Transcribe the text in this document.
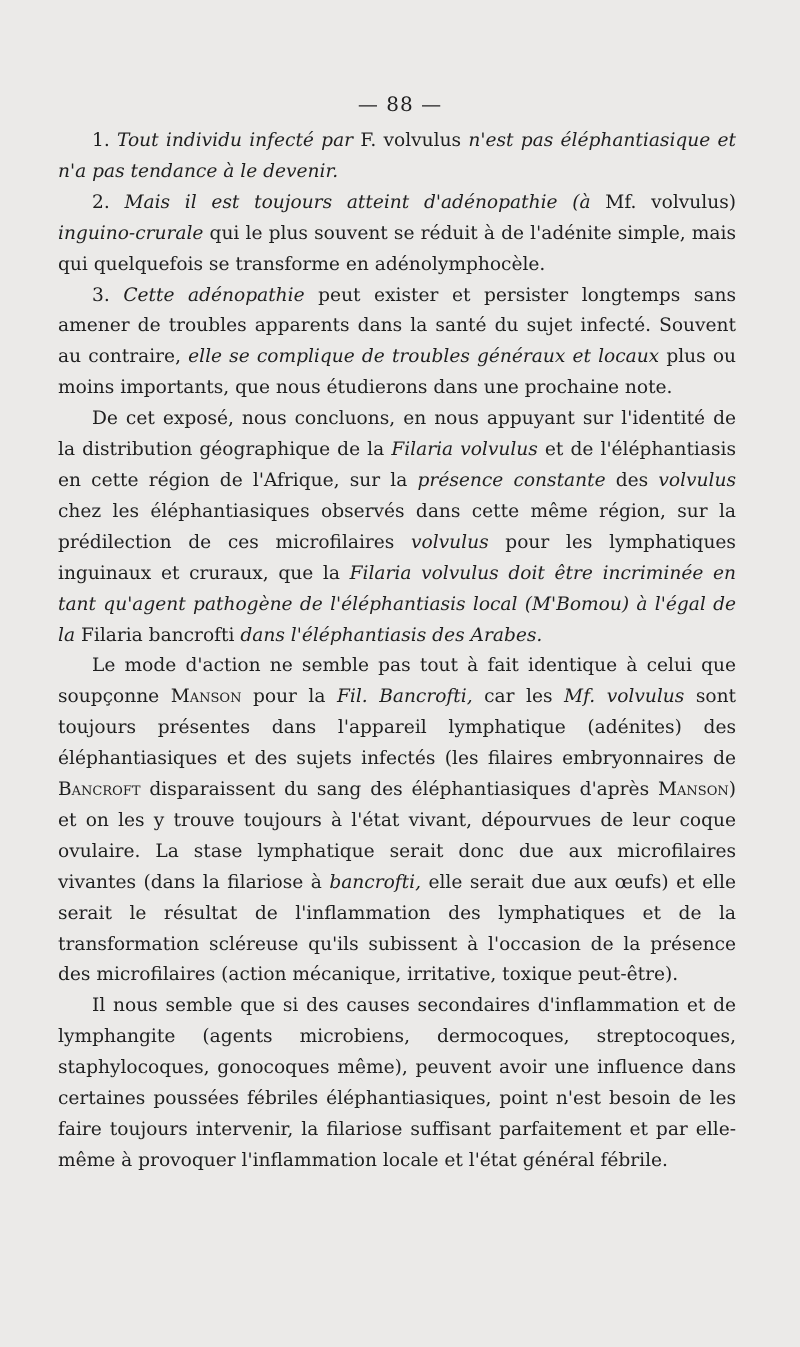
— 88 —

1. Tout individu infecté par F. volvulus n'est pas éléphantiasique et n'a pas tendance à le devenir.

2. Mais il est toujours atteint d'adénopathie (à Mf. volvulus) inguino-crurale qui le plus souvent se réduit à de l'adénite simple, mais qui quelquefois se transforme en adénolymphocèle.

3. Cette adénopathie peut exister et persister longtemps sans amener de troubles apparents dans la santé du sujet infecté. Souvent au contraire, elle se complique de troubles généraux et locaux plus ou moins importants, que nous étudierons dans une prochaine note.

De cet exposé, nous concluons, en nous appuyant sur l'identité de la distribution géographique de la Filaria volvulus et de l'éléphantiasis en cette région de l'Afrique, sur la présence constante des volvulus chez les éléphantiasiques observés dans cette même région, sur la prédilection de ces microfilaires volvulus pour les lymphatiques inguinaux et cruraux, que la Filaria volvulus doit être incriminée en tant qu'agent pathogène de l'éléphantiasis local (M'Bomou) à l'égal de la Filaria bancrofti dans l'éléphantiasis des Arabes.

Le mode d'action ne semble pas tout à fait identique à celui que soupçonne Manson pour la Fil. Bancrofti, car les Mf. volvulus sont toujours présentes dans l'appareil lymphatique (adénites) des éléphantiasiques et des sujets infectés (les filaires embryonnaires de Bancroft disparaissent du sang des éléphantiasiques d'après Manson) et on les y trouve toujours à l'état vivant, dépourvues de leur coque ovulaire. La stase lymphatique serait donc due aux microfilaires vivantes (dans la filariose à bancrofti, elle serait due aux œufs) et elle serait le résultat de l'inflammation des lymphatiques et de la transformation scléreuse qu'ils subissent à l'occasion de la présence des microfilaires (action mécanique, irritative, toxique peut-être).

Il nous semble que si des causes secondaires d'inflammation et de lymphangite (agents microbiens, dermocoques, streptocoques, staphylocoques, gonocoques même), peuvent avoir une influence dans certaines poussées fébriles éléphantiasiques, point n'est besoin de les faire toujours intervenir, la filariose suffisant parfaitement et par elle-même à provoquer l'inflammation locale et l'état général fébrile.
